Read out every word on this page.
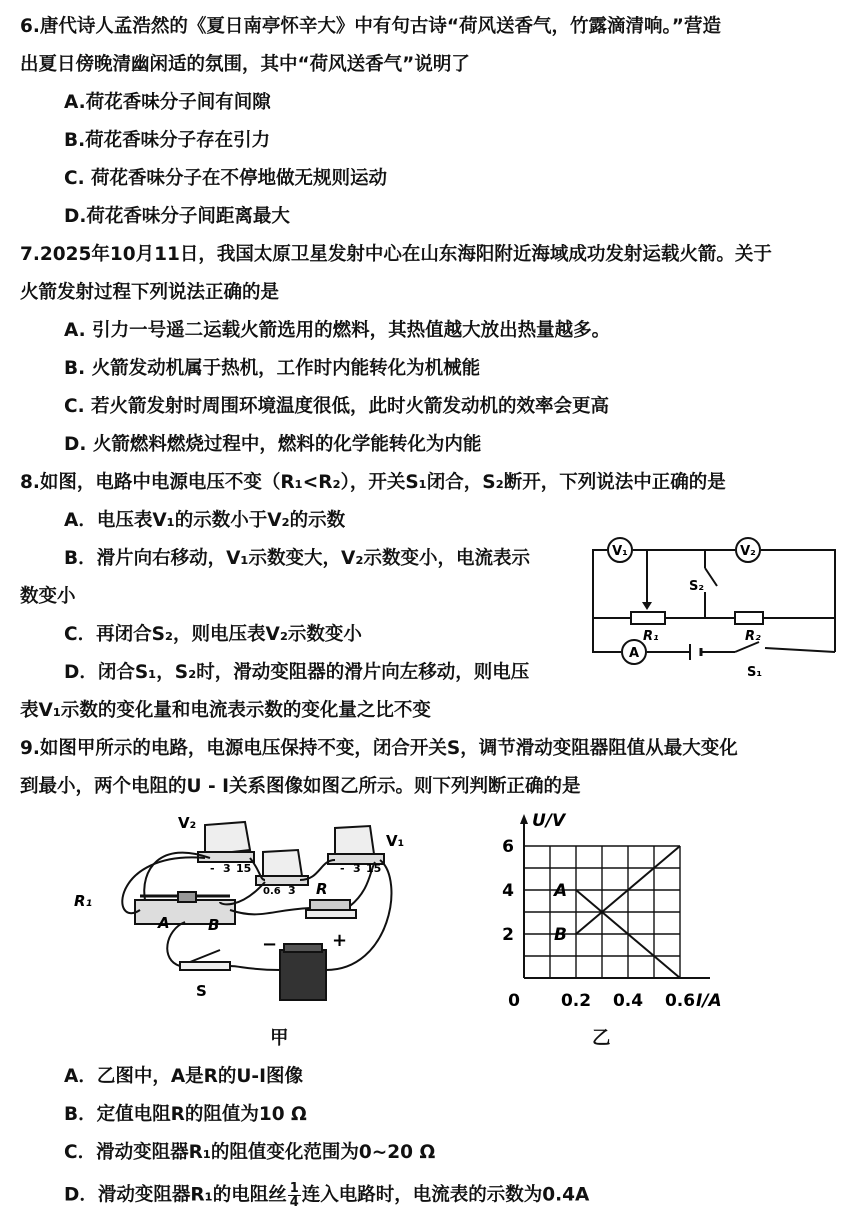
6.唐代诗人孟浩然的《夏日南亭怀辛大》中有句古诗“荷风送香气，竹露滴清响。”营造
出夏日傍晚清幽闲适的氛围，其中“荷风送香气”说明了
A.荷花香味分子间有间隙
B.荷花香味分子存在引力
C. 荷花香味分子在不停地做无规则运动
D.荷花香味分子间距离最大
7.2025年10月11日，我国太原卫星发射中心在山东海阳附近海域成功发射运载火箭。关于
火箭发射过程下列说法正确的是
A. 引力一号遥二运载火箭选用的燃料，其热值越大放出热量越多。
B. 火箭发动机属于热机，工作时内能转化为机械能
C. 若火箭发射时周围环境温度很低，此时火箭发动机的效率会更高
D. 火箭燃料燃烧过程中，燃料的化学能转化为内能
8.如图，电路中电源电压不变（R₁<R₂），开关S₁闭合，S₂断开，下列说法中正确的是
A．电压表V₁的示数小于V₂的示数
B．滑片向右移动，V₁示数变大，V₂示数变小，电流表示
数变小
C．再闭合S₂，则电压表V₂示数变小
D．闭合S₁，S₂时，滑动变阻器的滑片向左移动，则电压
表V₁示数的变化量和电流表示数的变化量之比不变
V₁	V₂
S₂
R₁	R₂
A
S₁
9.如图甲所示的电路，电源电压保持不变，闭合开关S，调节滑动变阻器阻值从最大变化
到最小，两个电阻的U - I关系图像如图乙所示。则下列判断正确的是
V₂
V₁
R₁
R
A	B
S
−	+
- 3 15
0.6 3
- 3 15
甲
U/V
I/A
2
4
6
0 0.2 0.4 0.6
A
B
乙
A．乙图中，A是R的U-I图像
B．定值电阻R的阻值为10 Ω
C．滑动变阻器R₁的阻值变化范围为0~20 Ω
D．滑动变阻器R₁的电阻丝 $\frac{1}{4}$ 连入电路时，电流表的示数为0.4A
